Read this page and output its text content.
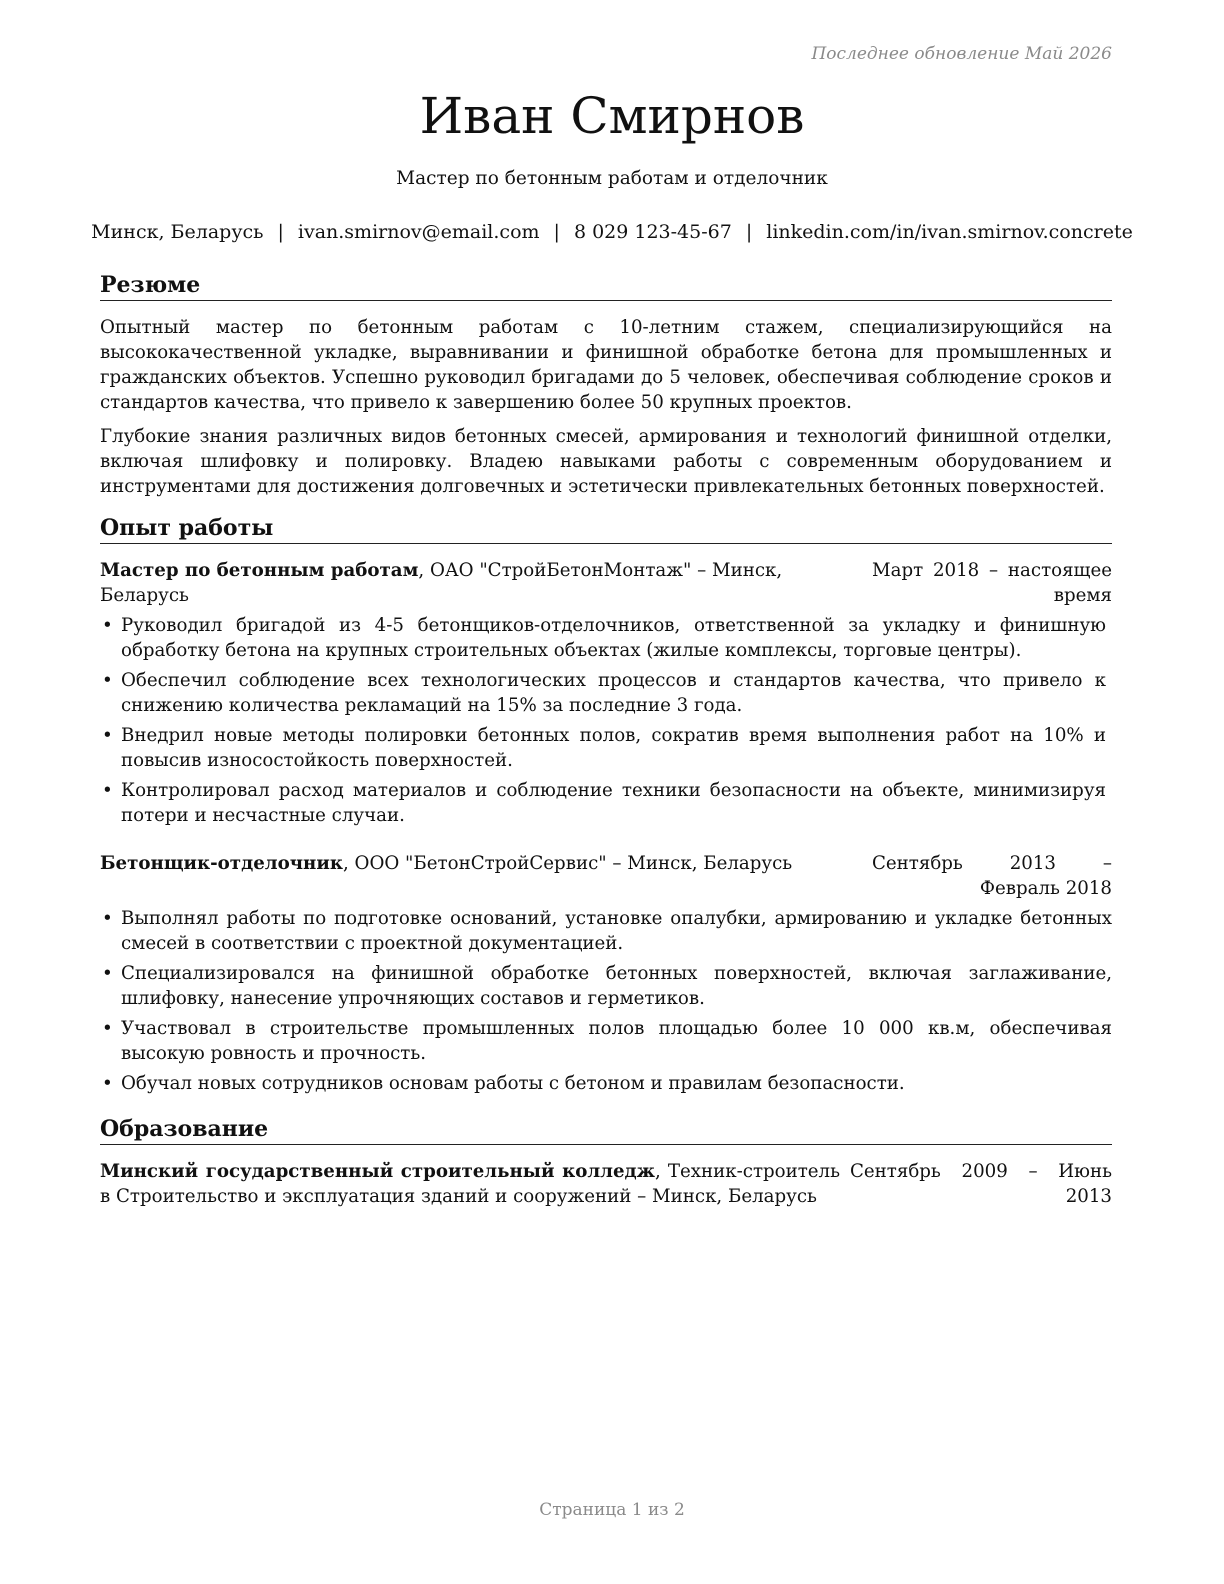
Последнее обновление Май 2026
Иван Смирнов
Мастер по бетонным работам и отделочник
Минск, Беларусь | ivan.smirnov@email.com | 8 029 123-45-67 | linkedin.com/in/ivan.smirnov.concrete
Резюме

Опытный мастер по бетонным работам с 10-летним стажем, специализирующийся на высококачественной укладке, выравнивании и финишной обработке бетона для промышленных и гражданских объектов. Успешно руководил бригадами до 5 человек, обеспечивая соблюдение сроков и стандартов качества, что привело к завершению более 50 крупных проектов.

Глубокие знания различных видов бетонных смесей, армирования и технологий финишной отделки, включая шлифовку и полировку. Владею навыками работы с современным оборудованием и инструментами для достижения долговечных и эстетически привлекательных бетонных поверхностей.

Опыт работы
Мастер по бетонным работам, ОАО "СтройБетонМонтаж" – Минск, Беларусь
Март 2018 – настоящее время
• Руководил бригадой из 4-5 бетонщиков-отделочников, ответственной за укладку и финишную обработку бетона на крупных строительных объектах (жилые комплексы, торговые центры).
• Обеспечил соблюдение всех технологических процессов и стандартов качества, что привело к снижению количества рекламаций на 15% за последние 3 года.
• Внедрил новые методы полировки бетонных полов, сократив время выполнения работ на 10% и повысив износостойкость поверхностей.
• Контролировал расход материалов и соблюдение техники безопасности на объекте, минимизируя потери и несчастные случаи.
Бетонщик-отделочник, ООО "БетонСтройСервис" – Минск, Беларусь	Сентябрь 2013 – Февраль 2018
• Выполнял работы по подготовке оснований, установке опалубки, армированию и укладке бетонных смесей в соответствии с проектной документацией.
• Специализировался на финишной обработке бетонных поверхностей, включая заглаживание, шлифовку, нанесение упрочняющих составов и герметиков.
• Участвовал в строительстве промышленных полов площадью более 10 000 кв.м, обеспечивая высокую ровность и прочность.
• Обучал новых сотрудников основам работы с бетоном и правилам безопасности.
Образование
Минский государственный строительный колледж, Техник-строитель в Строительство и эксплуатация зданий и сооружений – Минск, Беларусь
Сентябрь 2009 – Июнь 2013
Страница 1 из 2
